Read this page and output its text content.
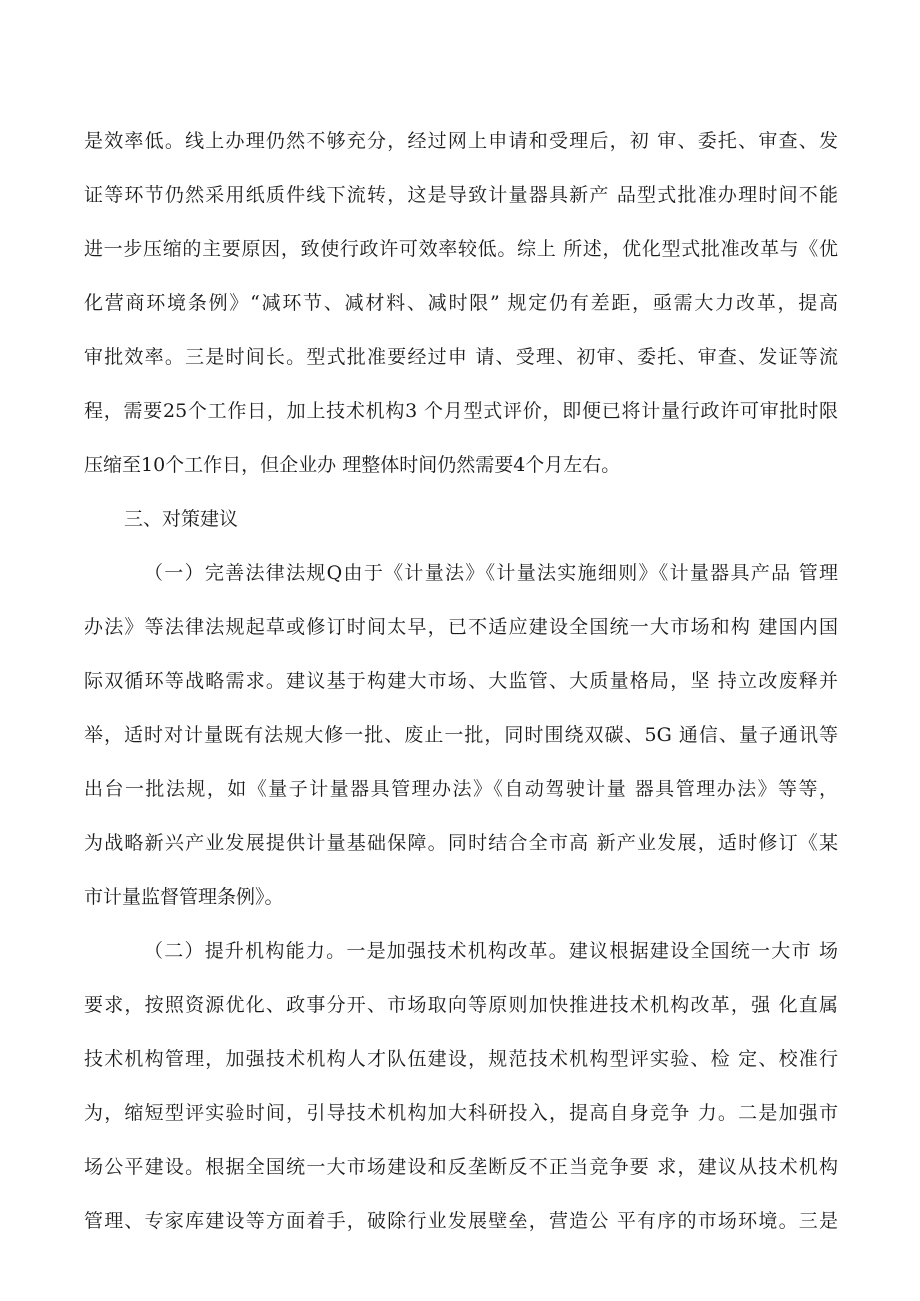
是效率低。线上办理仍然不够充分，经过网上申请和受理后，初 审、委托、审查、发
证等环节仍然采用纸质件线下流转，这是导致计量器具新产 品型式批准办理时间不能
进一步压缩的主要原因，致使行政许可效率较低。综上 所述，优化型式批准改革与《优
化营商环境条例》“减环节、减材料、减时限” 规定仍有差距，亟需大力改革，提高
审批效率。三是时间长。型式批准要经过申 请、受理、初审、委托、审查、发证等流
程，需要25个工作日，加上技术机构3 个月型式评价，即便已将计量行政许可审批时限
压缩至10个工作日，但企业办 理整体时间仍然需要4个月左右。
三、对策建议
（一）完善法律法规Q由于《计量法》《计量法实施细则》《计量器具产品 管理
办法》等法律法规起草或修订时间太早，已不适应建设全国统一大市场和构 建国内国
际双循环等战略需求。建议基于构建大市场、大监管、大质量格局，坚 持立改废释并
举，适时对计量既有法规大修一批、废止一批，同时围绕双碳、5G 通信、量子通讯等
出台一批法规，如《量子计量器具管理办法》《自动驾驶计量 器具管理办法》等等，
为战略新兴产业发展提供计量基础保障。同时结合全市高 新产业发展，适时修订《某
市计量监督管理条例》。
（二）提升机构能力。一是加强技术机构改革。建议根据建设全国统一大市 场
要求，按照资源优化、政事分开、市场取向等原则加快推进技术机构改革，强 化直属
技术机构管理，加强技术机构人才队伍建设，规范技术机构型评实验、检 定、校准行
为，缩短型评实验时间，引导技术机构加大科研投入，提高自身竞争 力。二是加强市
场公平建设。根据全国统一大市场建设和反垄断反不正当竞争要 求，建议从技术机构
管理、专家库建设等方面着手，破除行业发展壁垒，营造公 平有序的市场环境。三是
